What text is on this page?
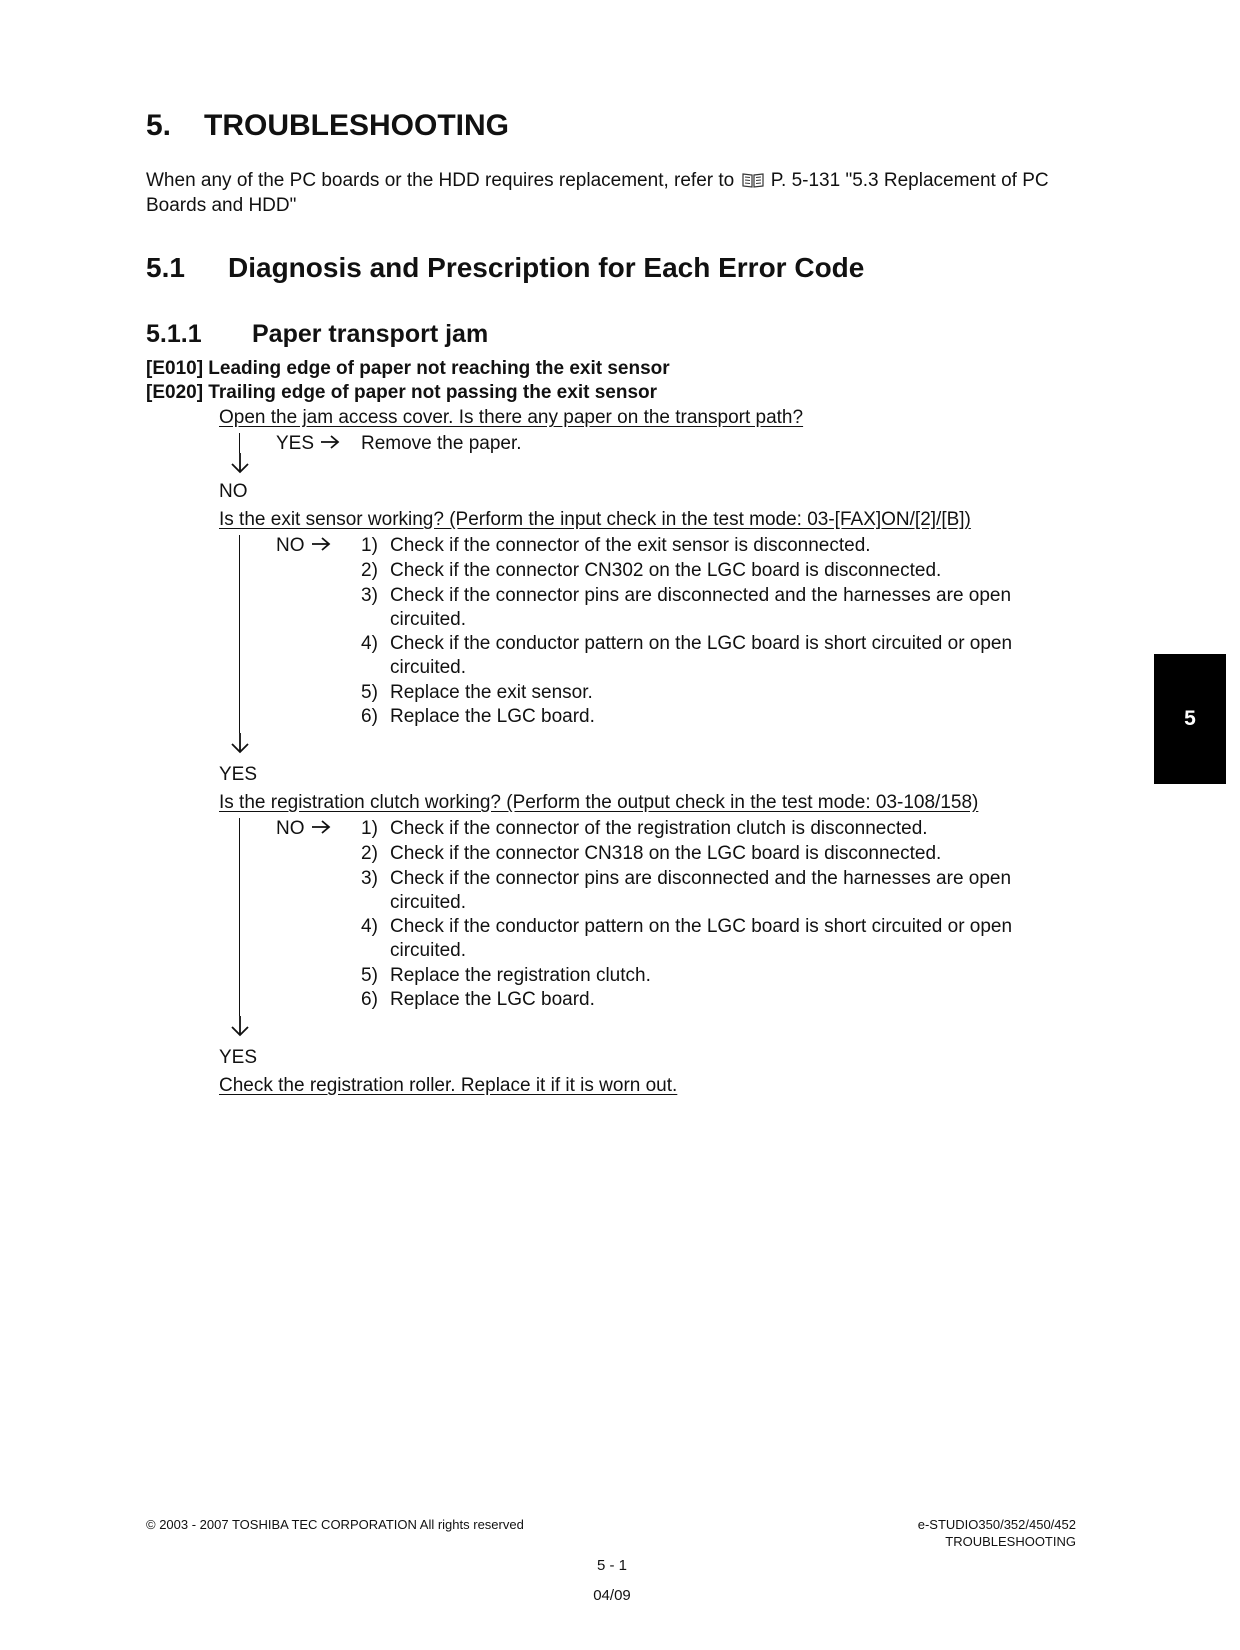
5. TROUBLESHOOTING
When any of the PC boards or the HDD requires replacement, refer to P. 5-131 "5.3 Replacement of PC Boards and HDD"
5.1 Diagnosis and Prescription for Each Error Code
5.1.1 Paper transport jam
[E010] Leading edge of paper not reaching the exit sensor
[E020] Trailing edge of paper not passing the exit sensor
Open the jam access cover. Is there any paper on the transport path?
YES	Remove the paper.
NO
Is the exit sensor working? (Perform the input check in the test mode: 03-[FAX]ON/[2]/[B])
NO	1) Check if the connector of the exit sensor is disconnected.
2) Check if the connector CN302 on the LGC board is disconnected.
3) Check if the connector pins are disconnected and the harnesses are open
circuited.
4) Check if the conductor pattern on the LGC board is short circuited or open
circuited.
5) Replace the exit sensor.
6) Replace the LGC board.
YES
Is the registration clutch working? (Perform the output check in the test mode: 03-108/158)
NO	1) Check if the connector of the registration clutch is disconnected.
2) Check if the connector CN318 on the LGC board is disconnected.
3) Check if the connector pins are disconnected and the harnesses are open
circuited.
4) Check if the conductor pattern on the LGC board is short circuited or open
circuited.
5) Replace the registration clutch.
6) Replace the LGC board.
YES
Check the registration roller. Replace it if it is worn out.
5
© 2003 - 2007 TOSHIBA TEC CORPORATION All rights reserved	e-STUDIO350/352/450/452
TROUBLESHOOTING
5 - 1
04/09
